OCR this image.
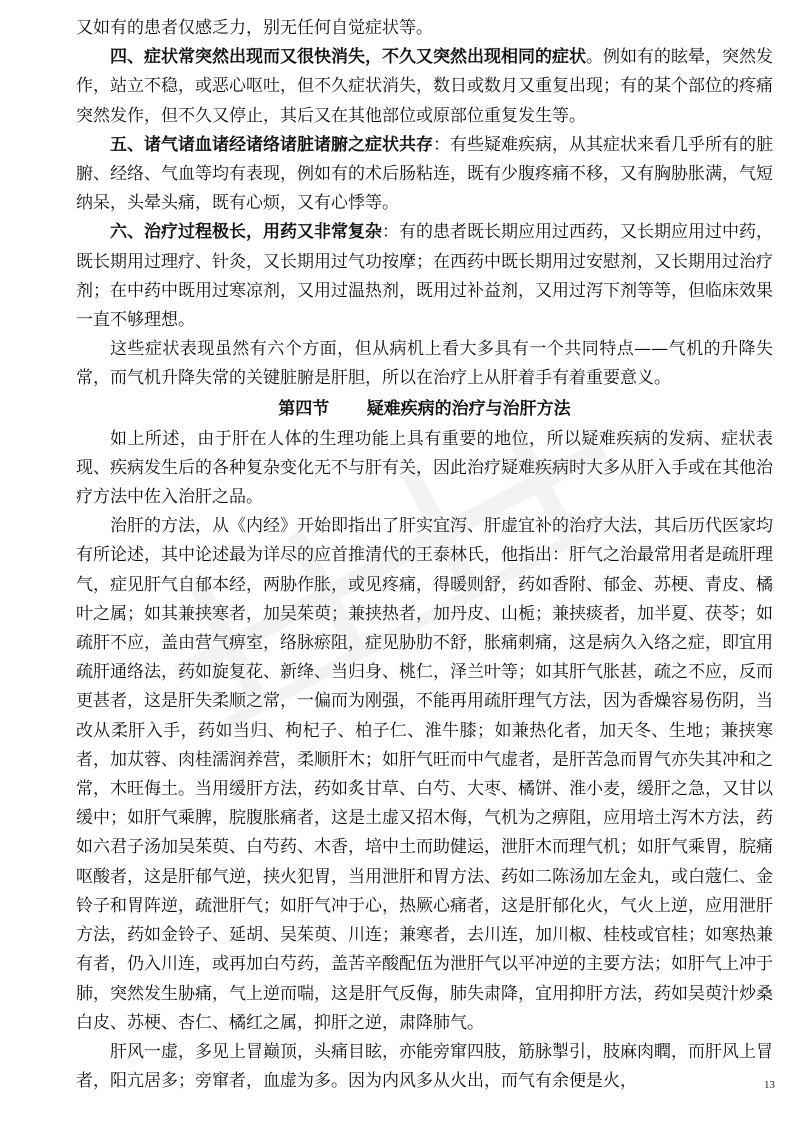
又如有的患者仅感乏力，别无任何自觉症状等。

四、症状常突然出现而又很快消失，不久又突然出现相同的症状。例如有的眩晕，突然发作，站立不稳，或恶心呕吐，但不久症状消失，数日或数月又重复出现；有的某个部位的疼痛突然发作，但不久又停止，其后又在其他部位或原部位重复发生等。

五、诸气诸血诸经诸络诸脏诸腑之症状共存：有些疑难疾病，从其症状来看几乎所有的脏腑、经络、气血等均有表现，例如有的术后肠粘连，既有少腹疼痛不移，又有胸胁胀满，气短纳呆，头晕头痛，既有心烦，又有心悸等。

六、治疗过程极长，用药又非常复杂：有的患者既长期应用过西药，又长期应用过中药，既长期用过理疗、针灸，又长期用过气功按摩；在西药中既长期用过安慰剂，又长期用过治疗剂；在中药中既用过寒凉剂，又用过温热剂，既用过补益剂，又用过泻下剂等等，但临床效果一直不够理想。

这些症状表现虽然有六个方面，但从病机上看大多具有一个共同特点——气机的升降失常，而气机升降失常的关键脏腑是肝胆，所以在治疗上从肝着手有着重要意义。

第四节 疑难疾病的治疗与治肝方法

如上所述，由于肝在人体的生理功能上具有重要的地位，所以疑难疾病的发病、症状表现、疾病发生后的各种复杂变化无不与肝有关，因此治疗疑难疾病时大多从肝入手或在其他治疗方法中佐入治肝之品。

治肝的方法，从《内经》开始即指出了肝实宜泻、肝虚宜补的治疗大法，其后历代医家均有所论述，其中论述最为详尽的应首推清代的王泰林氏，他指出：肝气之治最常用者是疏肝理气，症见肝气自郁本经，两胁作胀，或见疼痛，得暖则舒，药如香附、郁金、苏梗、青皮、橘叶之属；如其兼挟寒者，加吴茱萸；兼挟热者，加丹皮、山栀；兼挟痰者，加半夏、茯苓；如疏肝不应，盖由营气痹室，络脉瘀阻，症见胁肋不舒，胀痛刺痛，这是病久入络之症，即宜用疏肝通络法，药如旋复花、新绛、当归身、桃仁，泽兰叶等；如其肝气胀甚，疏之不应，反而更甚者，这是肝失柔顺之常，一偏而为刚强，不能再用疏肝理气方法，因为香燥容易伤阴，当改从柔肝入手，药如当归、枸杞子、柏子仁、淮牛膝；如兼热化者，加天冬、生地；兼挟寒者，加苁蓉、肉桂濡润养营，柔顺肝木；如肝气旺而中气虚者，是肝苦急而胃气亦失其冲和之常，木旺侮土。当用缓肝方法，药如炙甘草、白芍、大枣、橘饼、淮小麦，缓肝之急，又甘以缓中；如肝气乘脾，脘腹胀痛者，这是土虚又招木侮，气机为之痹阻，应用培土泻木方法，药如六君子汤加吴茱萸、白芍药、木香，培中土而助健运，泄肝木而理气机；如肝气乘胃，脘痛呕酸者，这是肝郁气逆，挟火犯胃，当用泄肝和胃方法、药如二陈汤加左金丸，或白蔻仁、金铃子和胃阵逆，疏泄肝气；如肝气冲于心，热厥心痛者，这是肝郁化火，气火上逆，应用泄肝方法，药如金铃子、延胡、吴茱萸、川连；兼寒者，去川连，加川椒、桂枝或官桂；如寒热兼有者，仍入川连，或再加白芍药，盖苦辛酸配伍为泄肝气以平冲逆的主要方法；如肝气上冲于肺，突然发生胁痛，气上逆而喘，这是肝气反侮，肺失肃降，宜用抑肝方法，药如吴萸汁炒桑白皮、苏梗、杏仁、橘红之属，抑肝之逆，肃降肺气。

肝风一虚，多见上冒巅顶，头痛目眩，亦能旁窜四肢，筋脉掣引，肢麻肉瞤，而肝风上冒者，阳亢居多；旁窜者，血虚为多。因为内风多从火出，而气有余便是火，	13
